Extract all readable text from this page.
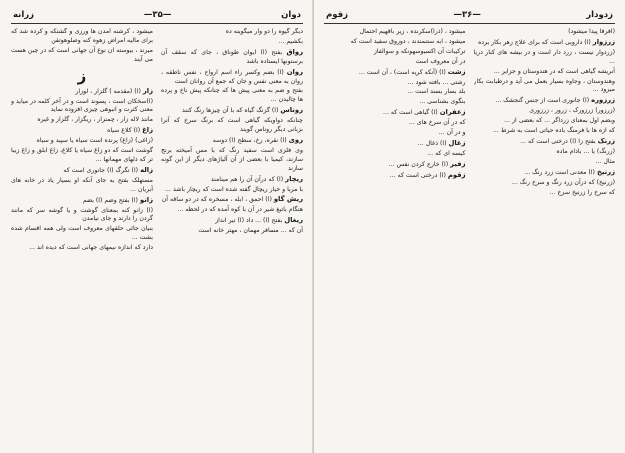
زدودار
—۳۶—
زقوم

(افرقا پیدا میشود)

زرزوار (ا) دارویی است که برای علاج زهر بکار برده

(زردوار نیست ، زرد دار است و در بیشه های کنار دریا ...

آنریشه گیاهی است که در هندوستان و جزایر ...

وهندوستان ، وجاوه بسیار بعمل می آید و درطبابت بکار میرود ...

زرزوره (ا) جانوری است از جنس گنجشک ...

(زرزور) زرزورک ، زرور ، زرزوری

وبضم اول بمعنای زرداگر ... که بعضی از ...

که ازه ها با فرمنگ باده حیاتی است به شرط ...

زرنک بفتح زا (ا) درختی است که ...

(زرنگ) با ... بادام ماده

مثال ...

زرنیخ (ا) معدنی است زرد رنگ ...

(زرنیخ) که درآن زرد رنگ و سرخ رنگ ...

که سرخ را زرنیخ سرخ ...

میشود ، (ذرا)سکرنده ، زیر باقهیم احتمال

میشود ، ابه ستنمندند ، دوروق سفید است که

ترکیبات آن اکسیوسهونکه و سوالفاز

در آن معروف است

زشت (ا) (آنکه کریه است) ، آن است ...

رشتی ... بافته شود ...

بلد بسار بسند است ...

بنگوی بشناسی ...

زعفران (ا) گیاهی است که ...

که در آن سرخ های ...

و در آن ...

زغال (ا) ذغال ...

کیسه ای که ...

زفیر (ا) خارج کردن نفس ...

زقوم (ا) درختی است که ...

دوان
—۳۵—
زرانه

دیگر گیوه را دو وار میگوینه ده

بکشیم ...

رواق بفتح (ا) ایوان طوناق ، جای که سقف آن برستونها ایستاده باشد

روان (ا) بضم وکسر راء اسم ارواح ، نفس ناطقه ، روان به معنی نفس و جان که جمع آن روانان است

بفتح و ضم به معنی پیش ها که چنانکه پیش ناخ و پرده ها چالیدن ...

روناس (ا) گزنگ گیاه که با آن چیزها رنگ کنند

چنانکه دواویکه گیاهی است که برنگ سرخ که آنرا بزبانی دیگر روناس گویند

روی (ا) نقره، رخ، سطح (ا) دوسه

وی فلزی است سفید رنگ که با مس آمیخته برنج سازند، کیمیا با بعضی از آن آلیاژهای دیگر از این گونه سازند

ریچار (ا) که درآن آن را هم مینامند

با مربا و خیار ریچال گفته شده است که ریچار باشد ...

ریش گاو (ا) احمق ، ابله ، مسخره که در دو ساقه آن

هنگام باتیغ شیر در آن با کوه آمده که در لحظه ...

ریغال بفتح (ا) ... داد (ا) تیر انداز

آن که ... مسافر مهمان ، مهتر خانه است

میشود ، کرشنه آمدن ها ورزی و گشتکه و کرده شد که برای مالیه امراض زهوه کنه وصلوهوتقن

میرند ، بیوسته ان نوع آن جهانی است که در چین هست می آیند

ز

زار (ا) (مقدمه ) گلزار ، لوزار

(ا)سخکان است ، پسوند است و در آخر کلمه در میاید و معنی کثرت و انبوهی چیزی افزوده نماید

مانند لاله زار ، چمنزار ، ریگزار ، گلزار و غیره

زاغ (ا) کلاغ سیاه

(زاغی) (زاغ) پرنده است سیاه یا سپید و سیاه

گوشت است که دو زاغ سیاه یا کلاغ، زاغ ابلق و زاغ زیبا تر که دلهای مهمانها ...

زاله (ا) تگرگ (ا) جانوری است که

مستهلک بفتح به جای آنکه او بسیار یاد در خانه های آبریان ...

زانو (ا) بفتح وضم (ا) بضم

(ا) زانو کنه بمعنای گوشت و یا گوشه سر که مانند گردن را دارند و جای نیامدن

بنیان جائی حلقهای معروف است ولی همه اقسام شده بشت ...

دارد که اندازه نیمهای جهانی است که دیده اند ...
